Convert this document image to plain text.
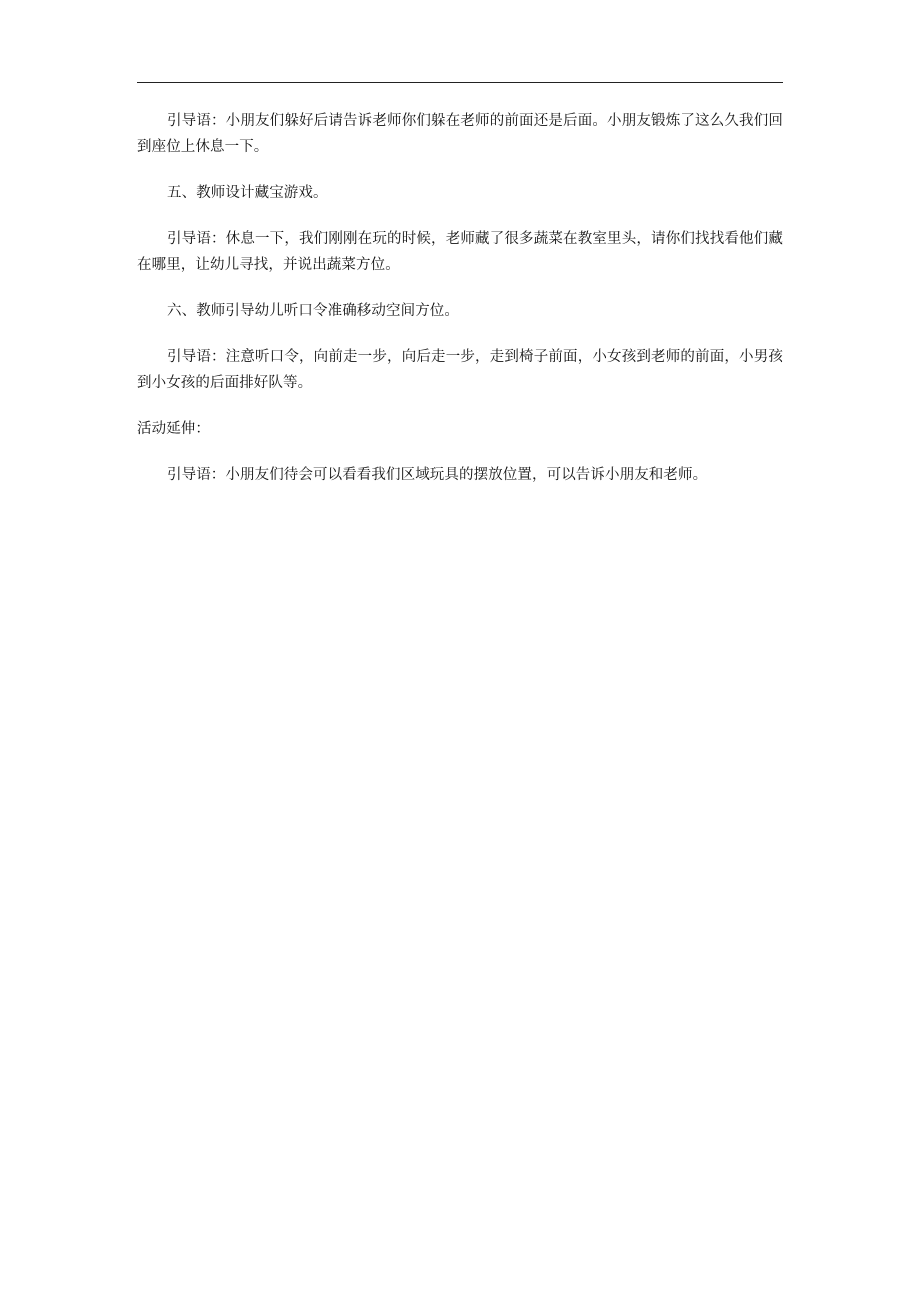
引导语：小朋友们躲好后请告诉老师你们躲在老师的前面还是后面。小朋友锻炼了这么久我们回到座位上休息一下。

五、教师设计藏宝游戏。

引导语：休息一下，我们刚刚在玩的时候，老师藏了很多蔬菜在教室里头，请你们找找看他们藏在哪里，让幼儿寻找，并说出蔬菜方位。

六、教师引导幼儿听口令准确移动空间方位。

引导语：注意听口令，向前走一步，向后走一步，走到椅子前面，小女孩到老师的前面，小男孩到小女孩的后面排好队等。

活动延伸：

引导语：小朋友们待会可以看看我们区域玩具的摆放位置，可以告诉小朋友和老师。
